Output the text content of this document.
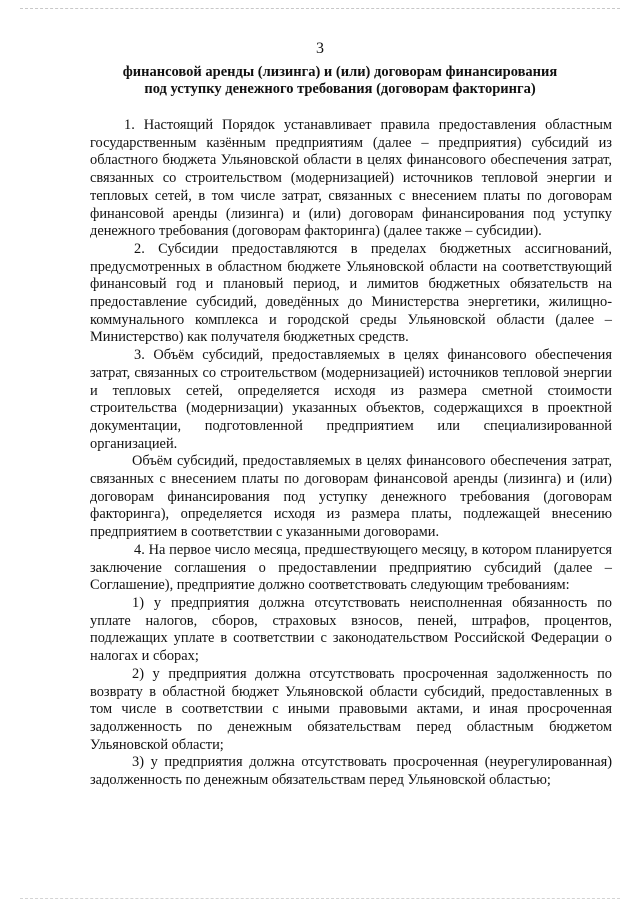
3
финансовой аренды (лизинга) и (или) договорам финансирования
под уступку денежного требования (договорам факторинга)

1. Настоящий Порядок устанавливает правила предоставления областным государственным казённым предприятиям (далее – предприятия) субсидий из областного бюджета Ульяновской области в целях финансового обеспечения затрат, связанных со строительством (модернизацией) источников тепловой энергии и тепловых сетей, в том числе затрат, связанных с внесением платы по договорам финансовой аренды (лизинга) и (или) договорам финансирования под уступку денежного требования (договорам факторинга) (далее также – субсидии).

2. Субсидии предоставляются в пределах бюджетных ассигнований, предусмотренных в областном бюджете Ульяновской области на соответствующий финансовый год и плановый период, и лимитов бюджетных обязательств на предоставление субсидий, доведённых до Министерства энергетики, жилищно-коммунального комплекса и городской среды Ульяновской области (далее – Министерство) как получателя бюджетных средств.

3. Объём субсидий, предоставляемых в целях финансового обеспечения затрат, связанных со строительством (модернизацией) источников тепловой энергии и тепловых сетей, определяется исходя из размера сметной стоимости строительства (модернизации) указанных объектов, содержащихся в проектной документации, подготовленной предприятием или специализированной организацией.

Объём субсидий, предоставляемых в целях финансового обеспечения затрат, связанных с внесением платы по договорам финансовой аренды (лизинга) и (или) договорам финансирования под уступку денежного требования (договорам факторинга), определяется исходя из размера платы, подлежащей внесению предприятием в соответствии с указанными договорами.

4. На первое число месяца, предшествующего месяцу, в котором планируется заключение соглашения о предоставлении предприятию субсидий (далее – Соглашение), предприятие должно соответствовать следующим требованиям:

1) у предприятия должна отсутствовать неисполненная обязанность по уплате налогов, сборов, страховых взносов, пеней, штрафов, процентов, подлежащих уплате в соответствии с законодательством Российской Федерации о налогах и сборах;

2) у предприятия должна отсутствовать просроченная задолженность по возврату в областной бюджет Ульяновской области субсидий, предоставленных в том числе в соответствии с иными правовыми актами, и иная просроченная задолженность по денежным обязательствам перед областным бюджетом Ульяновской области;

3) у предприятия должна отсутствовать просроченная (неурегулированная) задолженность по денежным обязательствам перед Ульяновской областью;
